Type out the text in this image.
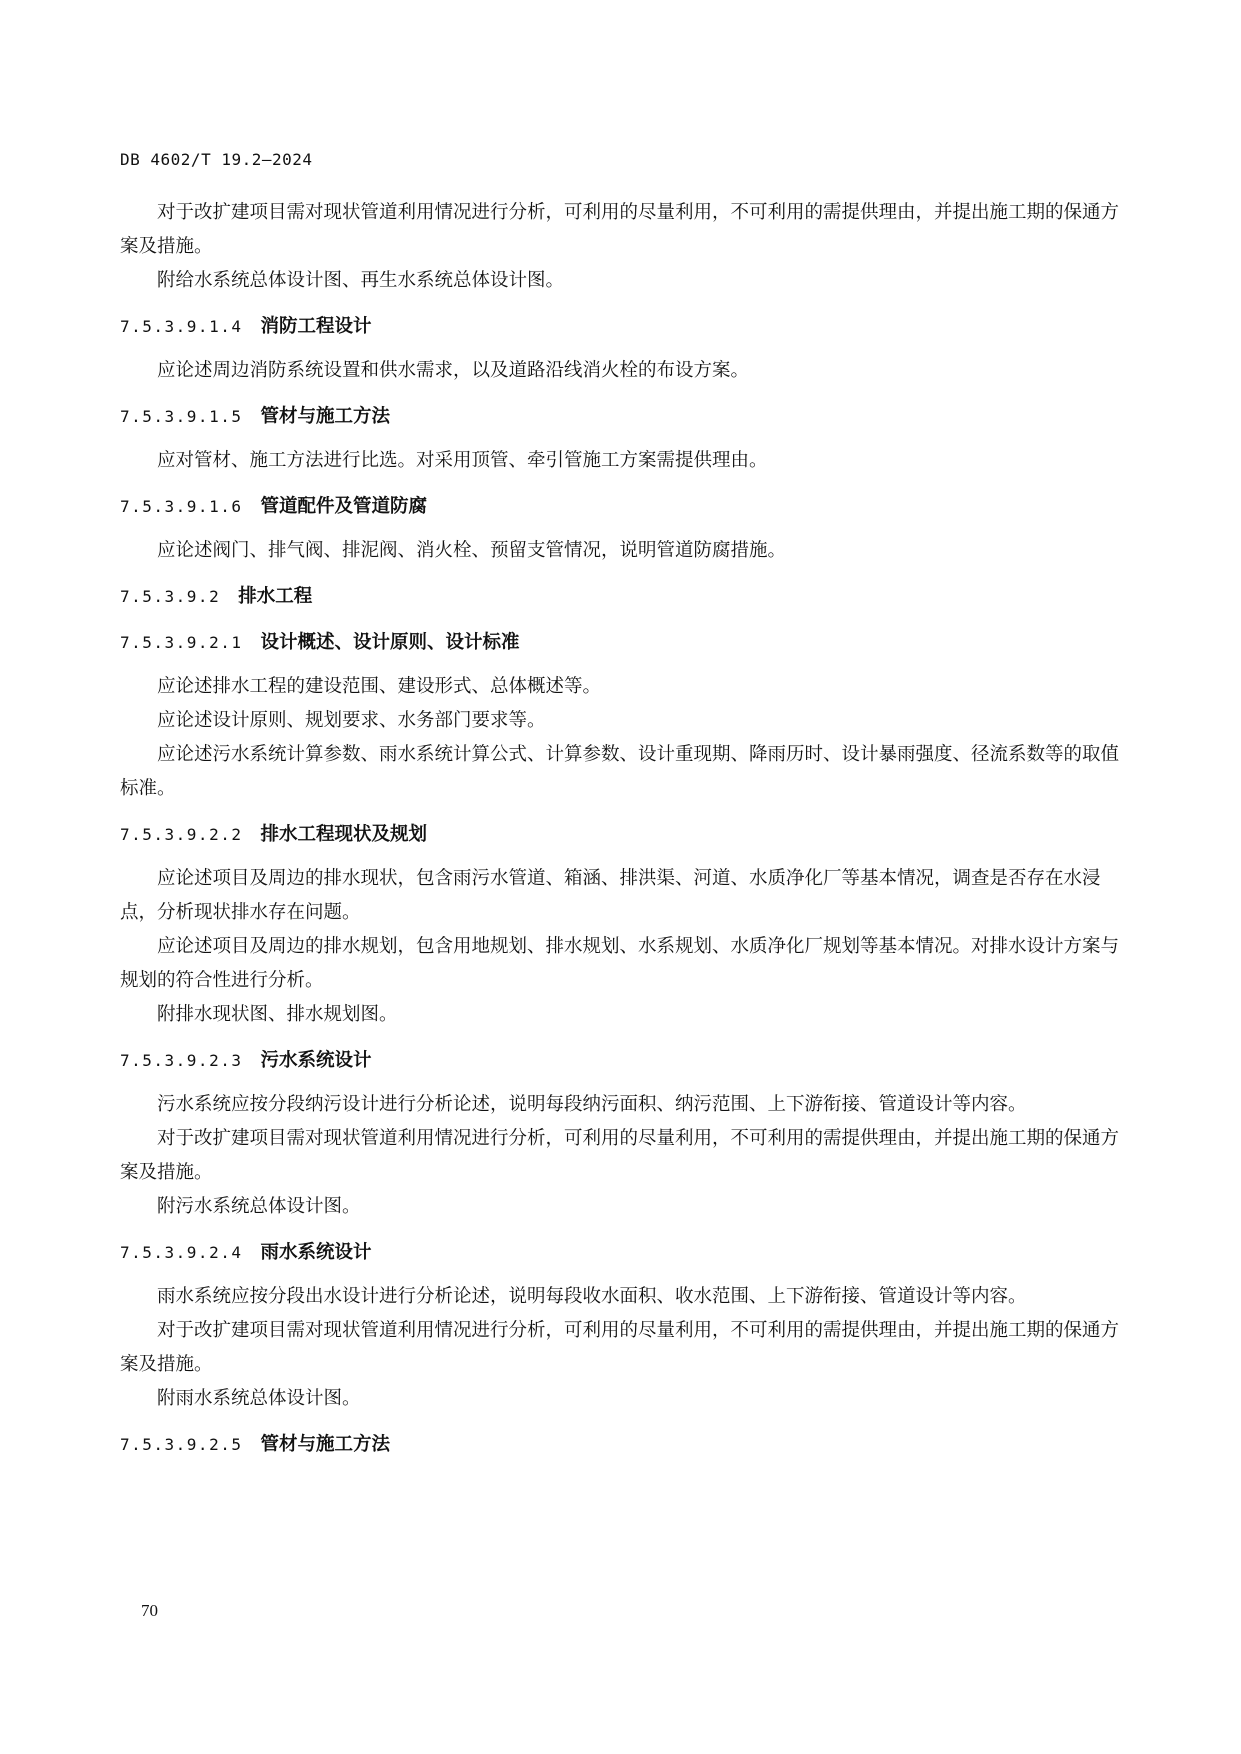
DB 4602/T 19.2—2024

对于改扩建项目需对现状管道利用情况进行分析，可利用的尽量利用，不可利用的需提供理由，并提出施工期的保通方案及措施。

附给水系统总体设计图、再生水系统总体设计图。

7.5.3.9.1.4 消防工程设计

应论述周边消防系统设置和供水需求，以及道路沿线消火栓的布设方案。

7.5.3.9.1.5 管材与施工方法

应对管材、施工方法进行比选。对采用顶管、牵引管施工方案需提供理由。

7.5.3.9.1.6 管道配件及管道防腐

应论述阀门、排气阀、排泥阀、消火栓、预留支管情况，说明管道防腐措施。

7.5.3.9.2 排水工程
7.5.3.9.2.1 设计概述、设计原则、设计标准

应论述排水工程的建设范围、建设形式、总体概述等。

应论述设计原则、规划要求、水务部门要求等。

应论述污水系统计算参数、雨水系统计算公式、计算参数、设计重现期、降雨历时、设计暴雨强度、径流系数等的取值标准。

7.5.3.9.2.2 排水工程现状及规划

应论述项目及周边的排水现状，包含雨污水管道、箱涵、排洪渠、河道、水质净化厂等基本情况，调查是否存在水浸点，分析现状排水存在问题。

应论述项目及周边的排水规划，包含用地规划、排水规划、水系规划、水质净化厂规划等基本情况。对排水设计方案与规划的符合性进行分析。

附排水现状图、排水规划图。

7.5.3.9.2.3 污水系统设计

污水系统应按分段纳污设计进行分析论述，说明每段纳污面积、纳污范围、上下游衔接、管道设计等内容。

对于改扩建项目需对现状管道利用情况进行分析，可利用的尽量利用，不可利用的需提供理由，并提出施工期的保通方案及措施。

附污水系统总体设计图。

7.5.3.9.2.4 雨水系统设计

雨水系统应按分段出水设计进行分析论述，说明每段收水面积、收水范围、上下游衔接、管道设计等内容。

对于改扩建项目需对现状管道利用情况进行分析，可利用的尽量利用，不可利用的需提供理由，并提出施工期的保通方案及措施。

附雨水系统总体设计图。

7.5.3.9.2.5 管材与施工方法
70
